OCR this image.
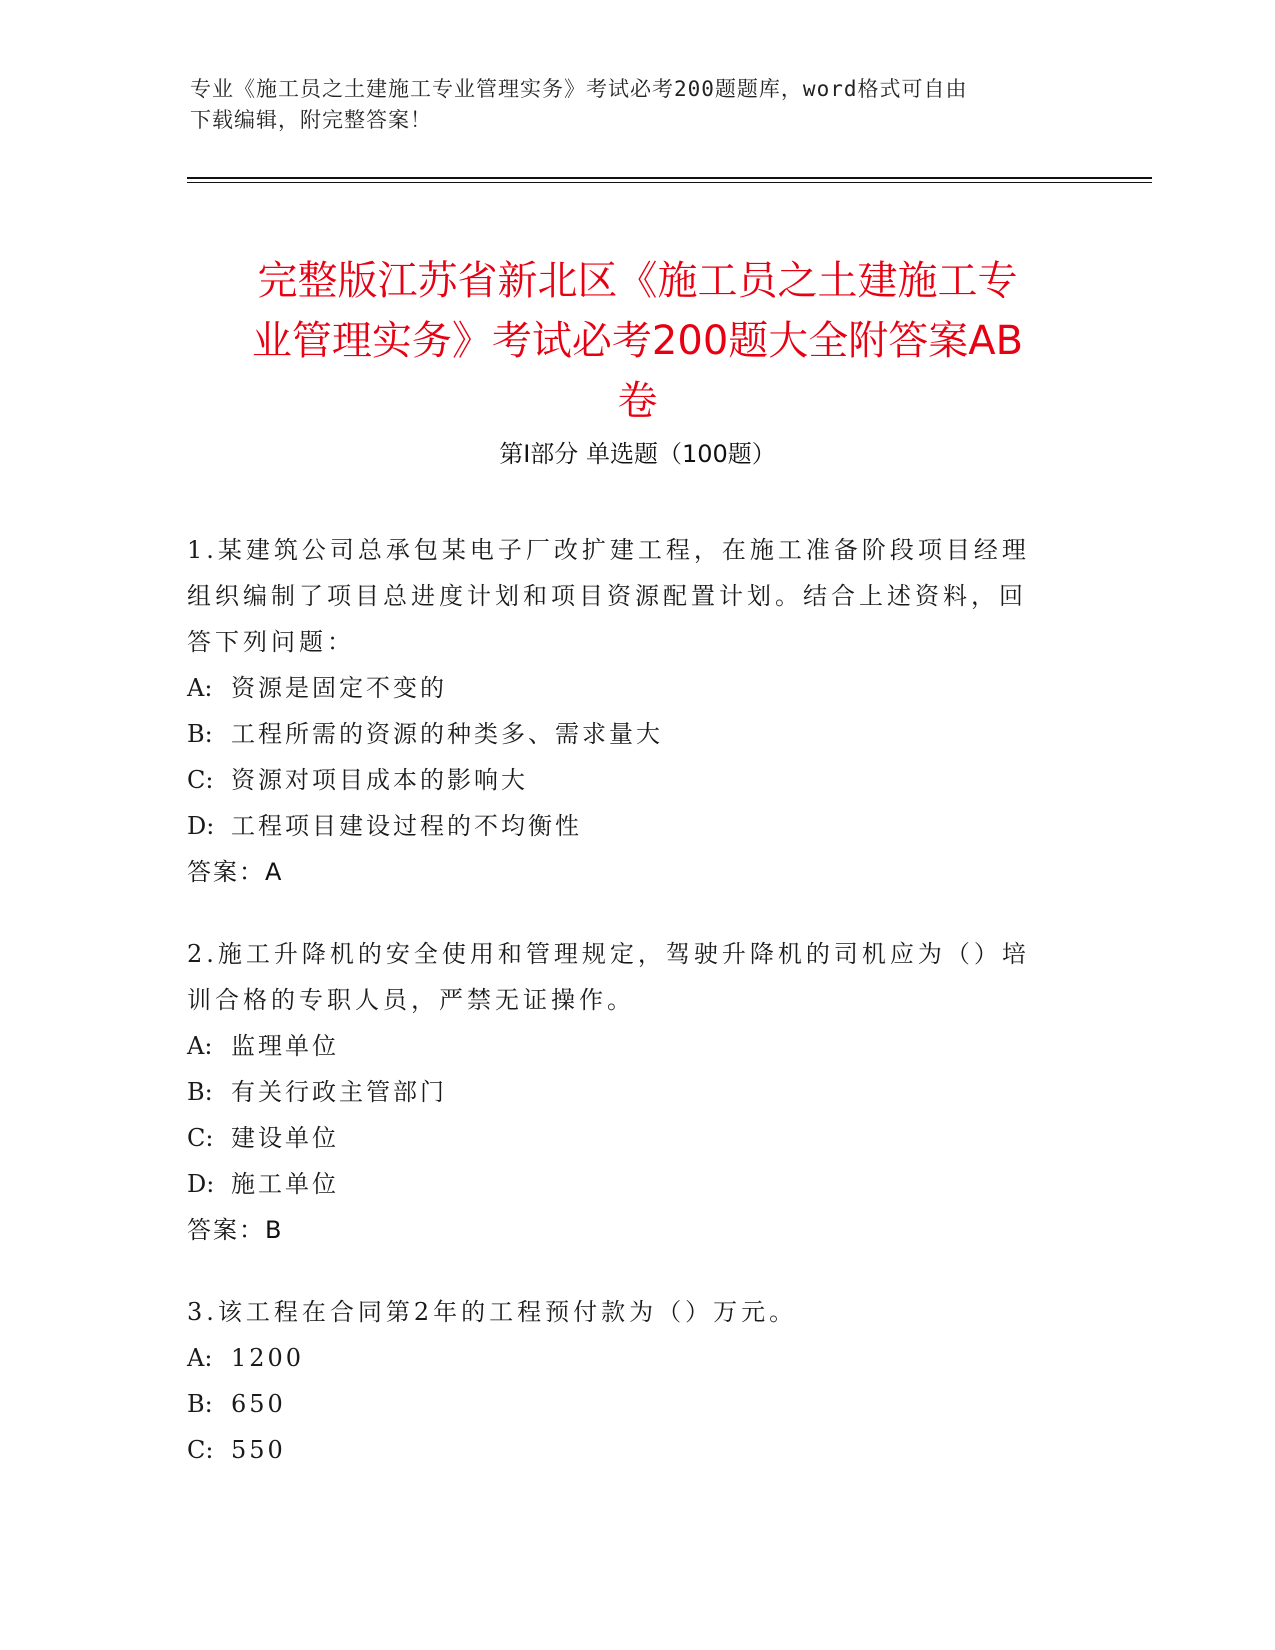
专业《施工员之土建施工专业管理实务》考试必考200题题库，word格式可自由
下载编辑，附完整答案！
完整版江苏省新北区《施工员之土建施工专
业管理实务》考试必考200题大全附答案AB
卷
第Ⅰ部分 单选题（100题）
1.某建筑公司总承包某电子厂改扩建工程，在施工准备阶段项目经理
组织编制了项目总进度计划和项目资源配置计划。结合上述资料，回
答下列问题：
A: 资源是固定不变的
B: 工程所需的资源的种类多、需求量大
C: 资源对项目成本的影响大
D: 工程项目建设过程的不均衡性
答案：A
2.施工升降机的安全使用和管理规定，驾驶升降机的司机应为（）培
训合格的专职人员，严禁无证操作。
A: 监理单位
B: 有关行政主管部门
C: 建设单位
D: 施工单位
答案：B
3.该工程在合同第2年的工程预付款为（）万元。
A: 1200
B: 650
C: 550
